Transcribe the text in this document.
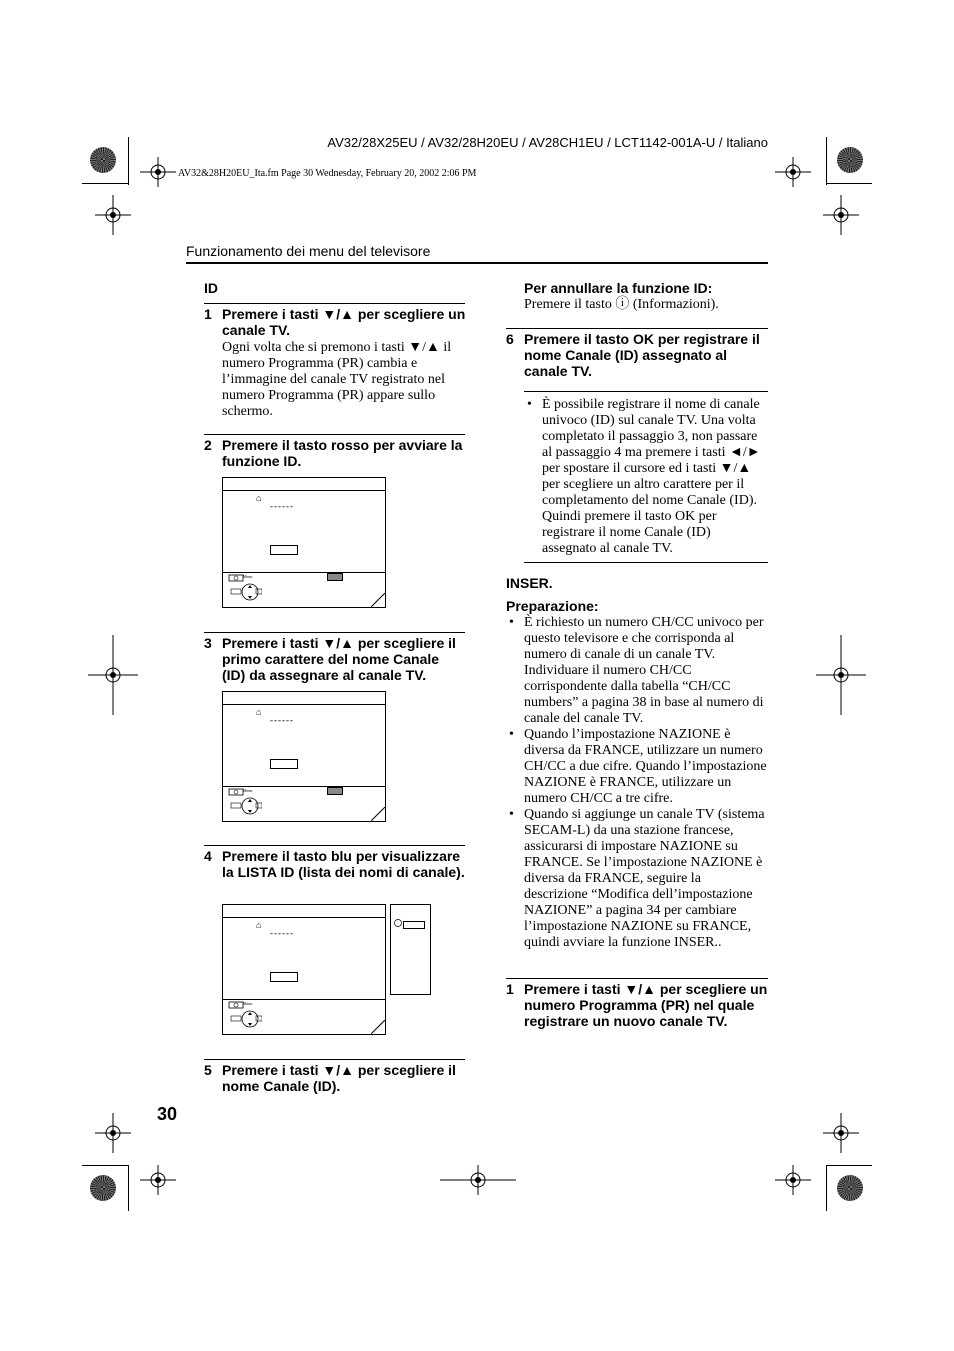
AV32/28X25EU / AV32/28H20EU / AV28CH1EU / LCT1142-001A-U / Italiano
AV32&28H20EU_Ita.fm Page 30 Wednesday, February 20, 2002 2:06 PM
Funzionamento dei menu del televisore
ID
1 Premere i tasti ▼/▲ per scegliere un canale TV.
Ogni volta che si premono i tasti ▼/▲ il numero Programma (PR) cambia e l’immagine del canale TV registrato nel numero Programma (PR) appare sullo schermo.
2 Premere il tasto rosso per avviare la funzione ID.
⌂
------
Menu
3 Premere i tasti ▼/▲ per scegliere il primo carattere del nome Canale (ID) da assegnare al canale TV.
⌂
------
Menu
4 Premere il tasto blu per visualizzare la LISTA ID (lista dei nomi di canale).
⌂
------
Menu
5 Premere i tasti ▼/▲ per scegliere il nome Canale (ID).
30
Per annullare la funzione ID:
Premere il tasto ⓘ (Informazioni).
6 Premere il tasto OK per registrare il nome Canale (ID) assegnato al canale TV.
• È possibile registrare il nome di canale univoco (ID) sul canale TV. Una volta completato il passaggio 3, non passare al passaggio 4 ma premere i tasti ◄/► per spostare il cursore ed i tasti ▼/▲ per scegliere un altro carattere per il completamento del nome Canale (ID). Quindi premere il tasto OK per registrare il nome Canale (ID) assegnato al canale TV.
INSER.
Preparazione:
• È richiesto un numero CH/CC univoco per questo televisore e che corrisponda al numero di canale di un canale TV. Individuare il numero CH/CC corrispondente dalla tabella “CH/CC numbers” a pagina 38 in base al numero di canale del canale TV.
• Quando l’impostazione NAZIONE è diversa da FRANCE, utilizzare un numero CH/CC a due cifre. Quando l’impostazione NAZIONE è FRANCE, utilizzare un numero CH/CC a tre cifre.
• Quando si aggiunge un canale TV (sistema SECAM-L) da una stazione francese, assicurarsi di impostare NAZIONE su FRANCE. Se l’impostazione NAZIONE è diversa da FRANCE, seguire la descrizione “Modifica dell’impostazione NAZIONE” a pagina 34 per cambiare l’impostazione NAZIONE su FRANCE, quindi avviare la funzione INSER..
1 Premere i tasti ▼/▲ per scegliere un numero Programma (PR) nel quale registrare un nuovo canale TV.
